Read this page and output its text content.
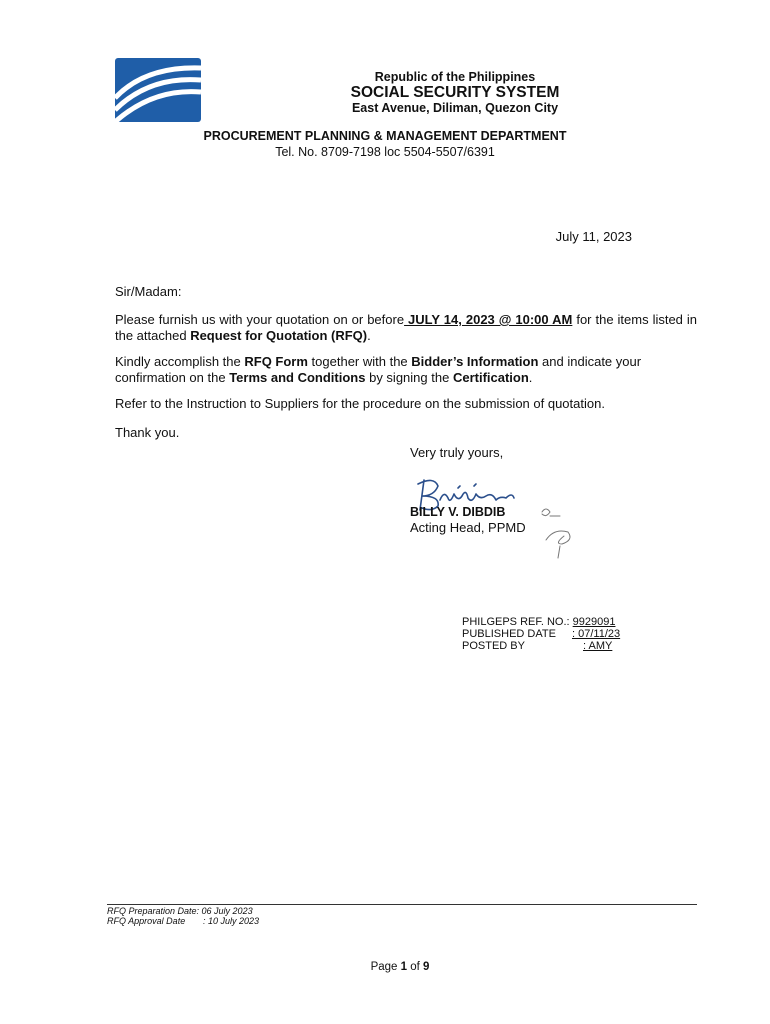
Republic of the Philippines
SOCIAL SECURITY SYSTEM
East Avenue, Diliman, Quezon City
PROCUREMENT PLANNING & MANAGEMENT DEPARTMENT
Tel. No. 8709-7198 loc 5504-5507/6391
July 11, 2023
Sir/Madam:
Please furnish us with your quotation on or before JULY 14, 2023 @ 10:00 AM for the items listed in the attached Request for Quotation (RFQ).
Kindly accomplish the RFQ Form together with the Bidder’s Information and indicate your confirmation on the Terms and Conditions by signing the Certification.
Refer to the Instruction to Suppliers for the procedure on the submission of quotation.
Thank you.
Very truly yours,
BILLY V. DIBDIB
Acting Head, PPMD
PHILGEPS REF. NO.: 9929091
PUBLISHED DATE : 07/11/23
POSTED BY	: AMY
RFQ Preparation Date: 06 July 2023
RFQ Approval Date : 10 July 2023
Page 1 of 9
